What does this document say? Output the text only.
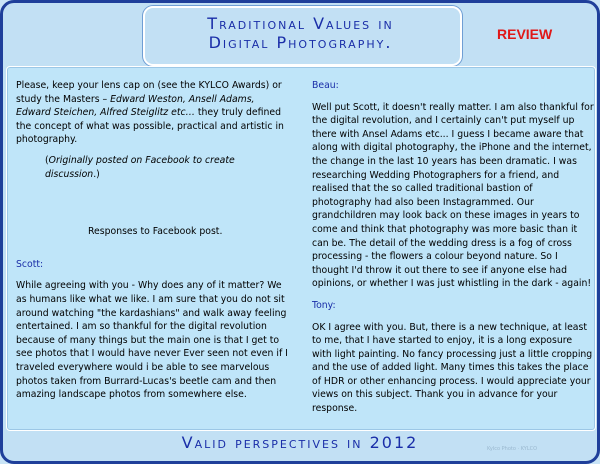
Traditional Values in
Digital Photography.	REVIEW

Please, keep your lens cap on (see the KYLCO Awards) or study the Masters – Edward Weston, Ansell Adams, Edward Steichen, Alfred Steiglitz etc… they truly defined the concept of what was possible, practical and artistic in photography.

(Originally posted on Facebook to create discussion.)

Responses to Facebook post.

Scott:

While agreeing with you - Why does any of it matter? We as humans like what we like. I am sure that you do not sit around watching "the kardashians" and walk away feeling entertained. I am so thankful for the digital revolution because of many things but the main one is that I get to see photos that I would have never Ever seen not even if I traveled everywhere would i be able to see marvelous photos taken from Burrard-Lucas's beetle cam and then amazing landscape photos from somewhere else.

Beau:

Well put Scott, it doesn't really matter. I am also thankful for the digital revolution, and I certainly can't put myself up there with Ansel Adams etc... I guess I became aware that along with digital photography, the iPhone and the internet, the change in the last 10 years has been dramatic. I was researching Wedding Photographers for a friend, and realised that the so called traditional bastion of photography had also been Instagrammed. Our grandchildren may look back on these images in years to come and think that photography was more basic than it can be. The detail of the wedding dress is a fog of cross processing - the flowers a colour beyond nature. So I thought I'd throw it out there to see if anyone else had opinions, or whether I was just whistling in the dark - again!

Tony:

OK I agree with you. But, there is a new technique, at least to me, that I have started to enjoy, it is a long exposure with light painting. No fancy processing just a little cropping and the use of added light. Many times this takes the place of HDR or other enhancing process. I would appreciate your views on this subject. Thank you in advance for your response.

Valid perspectives in 2012	Kylco Photo · KYLCO
